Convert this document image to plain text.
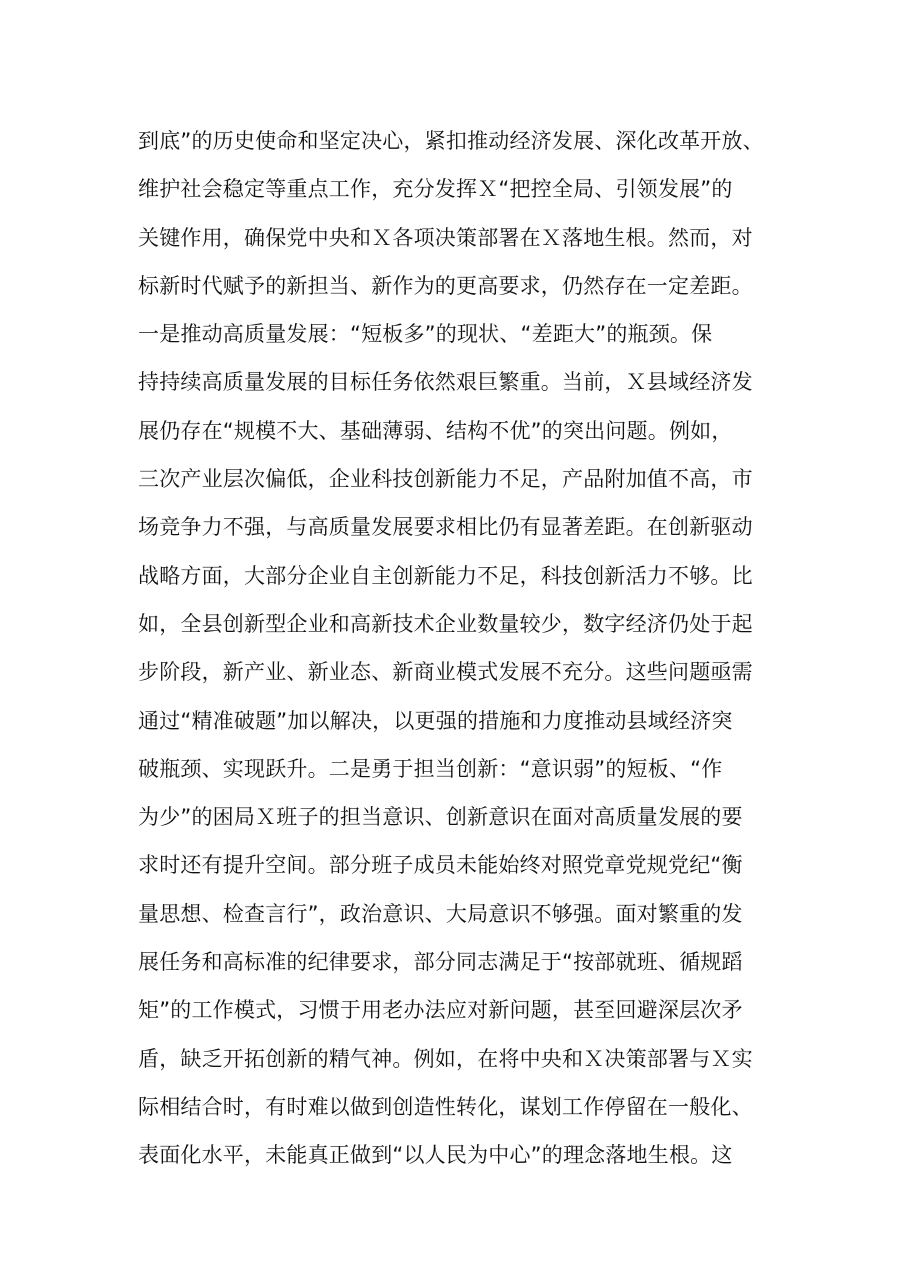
到底”的历史使命和坚定决心，紧扣推动经济发展、深化改革开放、
维护社会稳定等重点工作，充分发挥Ｘ“把控全局、引领发展”的
关键作用，确保党中央和Ｘ各项决策部署在Ｘ落地生根。然而，对
标新时代赋予的新担当、新作为的更高要求，仍然存在一定差距。
一是推动高质量发展：“短板多”的现状、“差距大”的瓶颈。保
持持续高质量发展的目标任务依然艰巨繁重。当前，Ｘ县域经济发
展仍存在“规模不大、基础薄弱、结构不优”的突出问题。例如，
三次产业层次偏低，企业科技创新能力不足，产品附加值不高，市
场竞争力不强，与高质量发展要求相比仍有显著差距。在创新驱动
战略方面，大部分企业自主创新能力不足，科技创新活力不够。比
如，全县创新型企业和高新技术企业数量较少，数字经济仍处于起
步阶段，新产业、新业态、新商业模式发展不充分。这些问题亟需
通过“精准破题”加以解决，以更强的措施和力度推动县域经济突
破瓶颈、实现跃升。二是勇于担当创新：“意识弱”的短板、“作
为少”的困局Ｘ班子的担当意识、创新意识在面对高质量发展的要
求时还有提升空间。部分班子成员未能始终对照党章党规党纪“衡
量思想、检查言行”，政治意识、大局意识不够强。面对繁重的发
展任务和高标准的纪律要求，部分同志满足于“按部就班、循规蹈
矩”的工作模式，习惯于用老办法应对新问题，甚至回避深层次矛
盾，缺乏开拓创新的精气神。例如，在将中央和Ｘ决策部署与Ｘ实
际相结合时，有时难以做到创造性转化，谋划工作停留在一般化、
表面化水平，未能真正做到“以人民为中心”的理念落地生根。这
